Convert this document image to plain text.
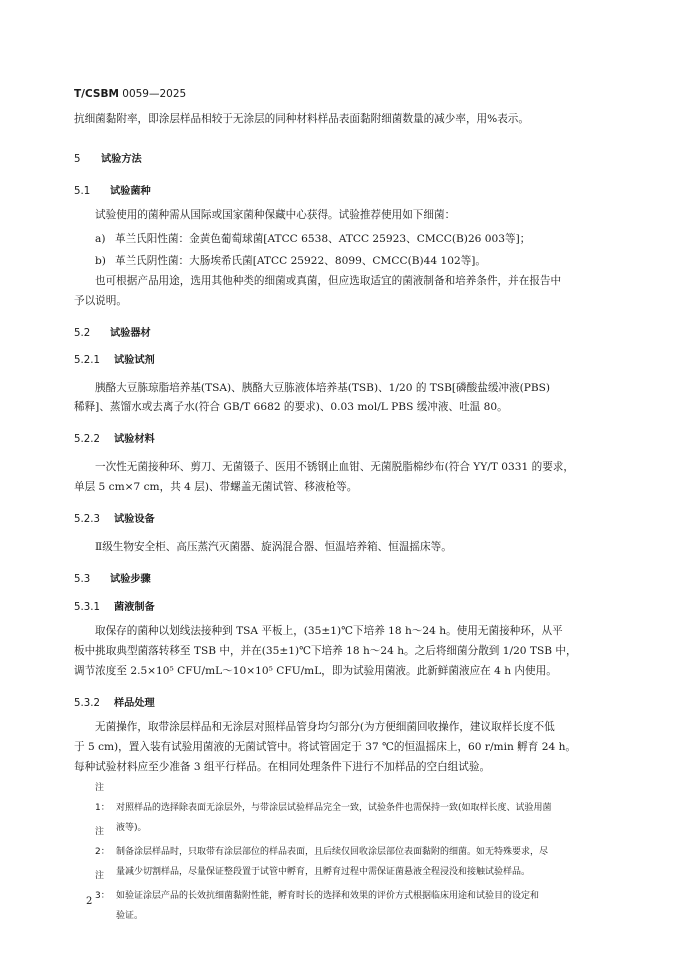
T/CSBM 0059—2025
抗细菌黏附率，即涂层样品相较于无涂层的同种材料样品表面黏附细菌数量的减少率，用%表示。
5 试验方法
5.1 试验菌种
试验使用的菌种需从国际或国家菌种保藏中心获得。试验推荐使用如下细菌：
a) 革兰氏阳性菌：金黄色葡萄球菌[ATCC 6538、ATCC 25923、CMCC(B)26 003等]；
b) 革兰氏阴性菌：大肠埃希氏菌[ATCC 25922、8099、CMCC(B)44 102等]。
也可根据产品用途，选用其他种类的细菌或真菌，但应选取适宜的菌液制备和培养条件，并在报告中
予以说明。
5.2 试验器材
5.2.1 试验试剂
胰酪大豆胨琼脂培养基(TSA)、胰酪大豆胨液体培养基(TSB)、1/20 的 TSB[磷酸盐缓冲液(PBS)
稀释]、蒸馏水或去离子水(符合 GB/T 6682 的要求)、0.03 mol/L PBS 缓冲液、吐温 80。
5.2.2 试验材料
一次性无菌接种环、剪刀、无菌镊子、医用不锈钢止血钳、无菌脱脂棉纱布(符合 YY/T 0331 的要求，
单层 5 cm×7 cm，共 4 层)、带螺盖无菌试管、移液枪等。
5.2.3 试验设备
Ⅱ级生物安全柜、高压蒸汽灭菌器、旋涡混合器、恒温培养箱、恒温摇床等。
5.3 试验步骤
5.3.1 菌液制备
取保存的菌种以划线法接种到 TSA 平板上，(35±1)℃下培养 18 h～24 h。使用无菌接种环，从平
板中挑取典型菌落转移至 TSB 中，并在(35±1)℃下培养 18 h～24 h。之后将细菌分散到 1/20 TSB 中，
调节浓度至 2.5×10⁵ CFU/mL～10×10⁵ CFU/mL，即为试验用菌液。此新鲜菌液应在 4 h 内使用。
5.3.2 样品处理
无菌操作，取带涂层样品和无涂层对照样品管身均匀部分(为方便细菌回收操作，建议取样长度不低
于 5 cm)，置入装有试验用菌液的无菌试管中。将试管固定于 37 ℃的恒温摇床上，60 r/min 孵育 24 h。
每种试验材料应至少准备 3 组平行样品。在相同处理条件下进行不加样品的空白组试验。
注 1： 对照样品的选择除表面无涂层外，与带涂层试验样品完全一致，试验条件也需保持一致(如取样长度、试验用菌
液等)。
注 2： 制备涂层样品时，只取带有涂层部位的样品表面，且后续仅回收涂层部位表面黏附的细菌。如无特殊要求，尽
量减少切割样品，尽量保证整段置于试管中孵育，且孵育过程中需保证菌悬液全程浸没和接触试验样品。
注 3： 如验证涂层产品的长效抗细菌黏附性能，孵育时长的选择和效果的评价方式根据临床用途和试验目的设定和
验证。
2
